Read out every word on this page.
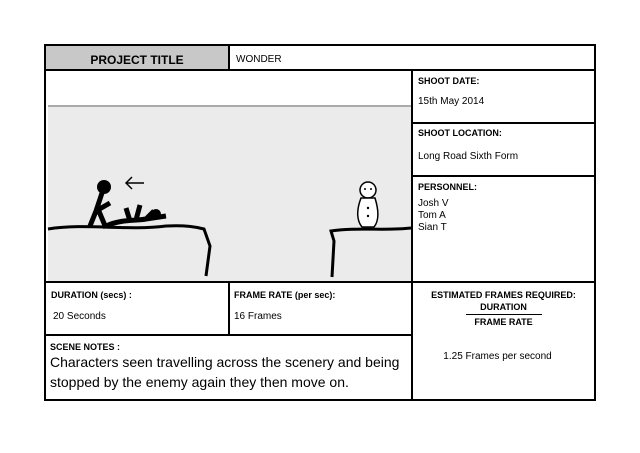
PROJECT TITLE	WONDER
SHOOT DATE:
15th May 2014
SHOOT LOCATION:
Long Road Sixth Form
PERSONNEL:
Josh V
Tom A
Sian T
DURATION (secs) :
20 Seconds
FRAME RATE (per sec):
16 Frames
ESTIMATED FRAMES REQUIRED:
DURATION
FRAME RATE
1.25 Frames per second
SCENE NOTES :
Characters seen travelling across the scenery and being stopped by the enemy again they then move on.
